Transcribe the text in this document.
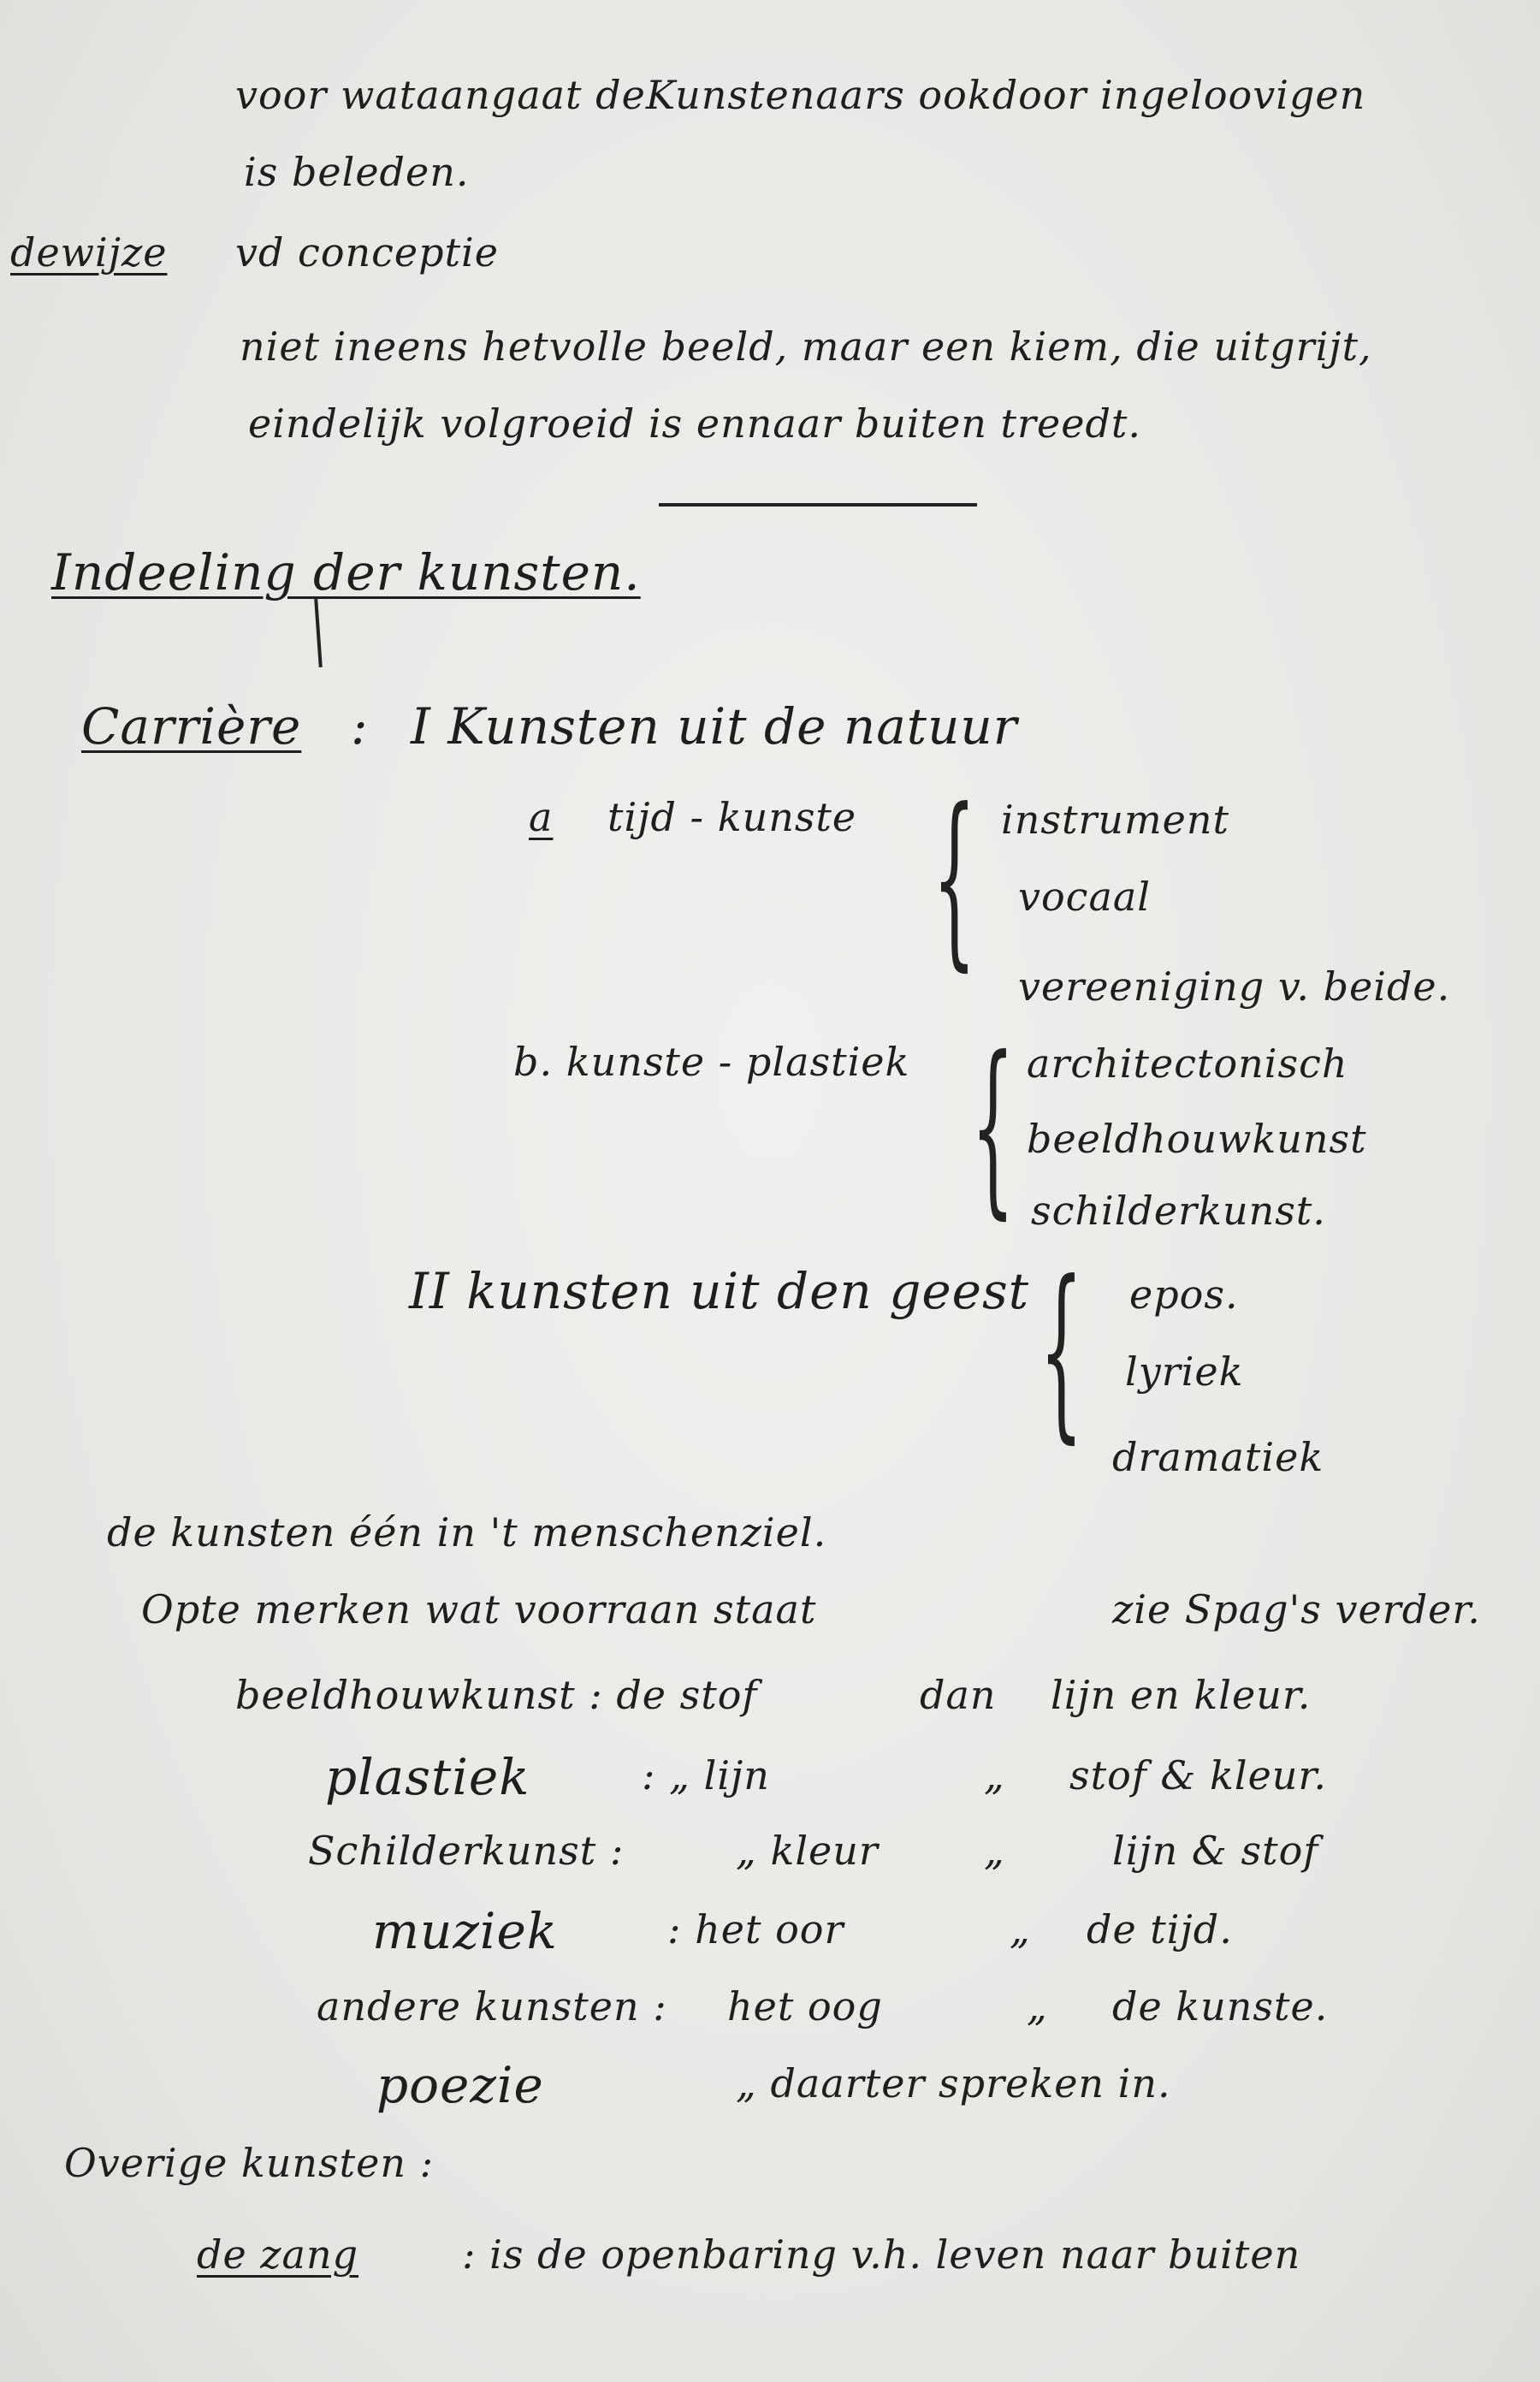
voor wataangaat deKunstenaars ookdoor ingeloovigen
is beleden.
dewijze vd conceptie
niet ineens hetvolle beeld, maar een kiem, die uitgrijt,
eindelijk volgroeid is ennaar buiten treedt.
Indeeling der kunsten.
Carrière : I Kunsten uit de natuur
a tijd - kunste { instrument
vocaal
vereeniging v. beide.
b. kunste - plastiek { architectonisch
beeldhouwkunst
schilderkunst.
II kunsten uit den geest { epos.
lyriek
dramatiek
de kunsten één in 't menschenziel.
Opte merken wat voorraan staat	zie Spag's verder.
beeldhouwkunst : de stof	dan lijn en kleur.
plastiek	: „ lijn	„ stof & kleur.
Schilderkunst :	„ kleur	„	lijn & stof
muziek	: het oor	„ de tijd.
andere kunsten : het oog	„ de kunste.
poezie	„ daarter spreken in.
Overige kunsten :
de zang	: is de openbaring v.h. leven naar buiten
